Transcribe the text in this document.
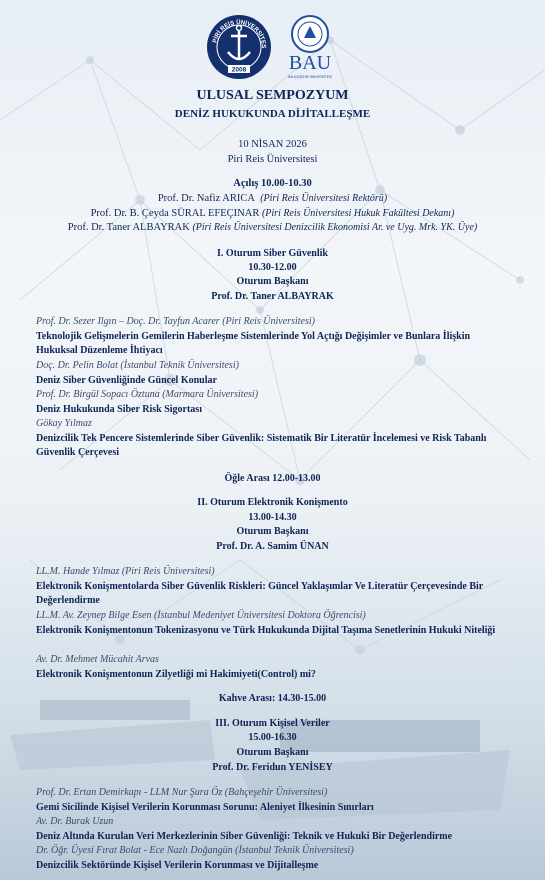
PİRİ REİS ÜNİVERSİTES
2008 BAU
BAHÇEŞEHİR ÜNİVERSİTESİ
ULUSAL SEMPOZYUM
DENİZ HUKUKUNDA DİJİTALLEŞME
10 NİSAN 2026
Piri Reis Üniversitesi
Açılış 10.00-10.30
Prof. Dr. Nafiz ARICA (Piri Reis Üniversitesi Rektörü)
Prof. Dr. B. Çeyda SÜRAL EFEÇINAR (Piri Reis Üniversitesi Hukuk Fakültesi Dekanı)
Prof. Dr. Taner ALBAYRAK (Piri Reis Üniversitesi Denizcilik Ekonomisi Ar. ve Uyg. Mrk. YK. Üye)
I. Oturum Siber Güvenlik
10.30-12.00
Oturum Başkanı
Prof. Dr. Taner ALBAYRAK
Prof. Dr. Sezer Ilgın – Doç. Dr. Tayfun Acarer (Piri Reis Üniversitesi)
Teknolojik Gelişmelerin Gemilerin Haberleşme Sistemlerinde Yol Açtığı Değişimler ve Bunlara İlişkin Hukuksal Düzenleme İhtiyacı
Doç. Dr. Pelin Bolat (İstanbul Teknik Üniversitesi)
Deniz Siber Güvenliğinde Güncel Konular
Prof. Dr. Birgül Sopacı Öztuna (Marmara Üniversitesi)
Deniz Hukukunda Siber Risk Sigortası
Gökay Yılmaz
Denizcilik Tek Pencere Sistemlerinde Siber Güvenlik: Sistematik Bir Literatür İncelemesi ve Risk Tabanlı Güvenlik Çerçevesi
Öğle Arası 12.00-13.00
II. Oturum Elektronik Konişmento
13.00-14.30
Oturum Başkanı
Prof. Dr. A. Samim ÜNAN
LL.M. Hande Yılmaz (Piri Reis Üniversitesi)
Elektronik Konişmentolarda Siber Güvenlik Riskleri: Güncel Yaklaşımlar Ve Literatür Çerçevesinde Bir Değerlendirme
LL.M. Av. Zeynep Bilge Esen (İstanbul Medeniyet Üniversitesi Doktora Öğrencisi)
Elektronik Konişmentonun Tokenizasyonu ve Türk Hukukunda Dijital Taşıma Senetlerinin Hukuki Niteliği
Av. Dr. Mehmet Mücahit Arvas
Elektronik Konişmentonun Zilyetliği mi Hakimiyeti(Control) mi?
Kahve Arası: 14.30-15.00
III. Oturum Kişisel Veriler
15.00-16.30
Oturum Başkanı
Prof. Dr. Feridun YENİSEY
Prof. Dr. Ertan Demirkapı - LLM Nur Şura Öz (Bahçeşehir Üniversitesi)
Gemi Sicilinde Kişisel Verilerin Korunması Sorunu: Aleniyet İlkesinin Sınırları
Av. Dr. Burak Uzun
Deniz Altında Kurulan Veri Merkezlerinin Siber Güvenliği: Teknik ve Hukuki Bir Değerlendirme
Dr. Öğr. Üyesi Fırat Bolat - Ece Nazlı Doğangün (İstanbul Teknik Üniversitesi)
Denizcilik Sektöründe Kişisel Verilerin Korunması ve Dijitalleşme
